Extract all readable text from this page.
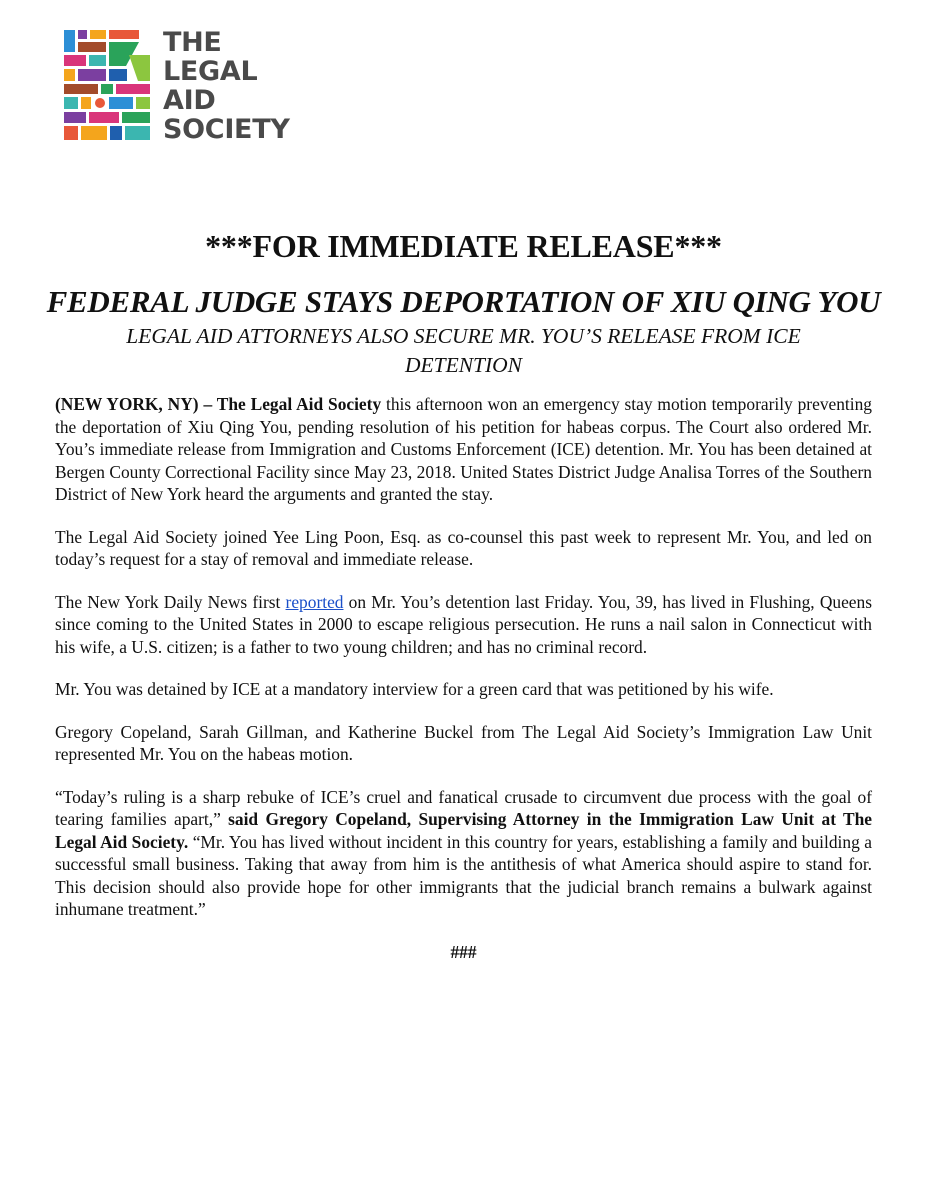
THE
LEGAL
AID
SOCIETY
***FOR IMMEDIATE RELEASE***
FEDERAL JUDGE STAYS DEPORTATION OF XIU QING YOU
LEGAL AID ATTORNEYS ALSO SECURE MR. YOU’S RELEASE FROM ICE DETENTION

(NEW YORK, NY) – The Legal Aid Society this afternoon won an emergency stay motion temporarily preventing the deportation of Xiu Qing You, pending resolution of his petition for habeas corpus. The Court also ordered Mr. You’s immediate release from Immigration and Customs Enforcement (ICE) detention. Mr. You has been detained at Bergen County Correctional Facility since May 23, 2018. United States District Judge Analisa Torres of the Southern District of New York heard the arguments and granted the stay.

The Legal Aid Society joined Yee Ling Poon, Esq. as co-counsel this past week to represent Mr. You, and led on today’s request for a stay of removal and immediate release.

The New York Daily News first reported on Mr. You’s detention last Friday. You, 39, has lived in Flushing, Queens since coming to the United States in 2000 to escape religious persecution. He runs a nail salon in Connecticut with his wife, a U.S. citizen; is a father to two young children; and has no criminal record.

Mr. You was detained by ICE at a mandatory interview for a green card that was petitioned by his wife.

Gregory Copeland, Sarah Gillman, and Katherine Buckel from The Legal Aid Society’s Immigration Law Unit represented Mr. You on the habeas motion.

“Today’s ruling is a sharp rebuke of ICE’s cruel and fanatical crusade to circumvent due process with the goal of tearing families apart,” said Gregory Copeland, Supervising Attorney in the Immigration Law Unit at The Legal Aid Society. “Mr. You has lived without incident in this country for years, establishing a family and building a successful small business. Taking that away from him is the antithesis of what America should aspire to stand for. This decision should also provide hope for other immigrants that the judicial branch remains a bulwark against inhumane treatment.”

###
